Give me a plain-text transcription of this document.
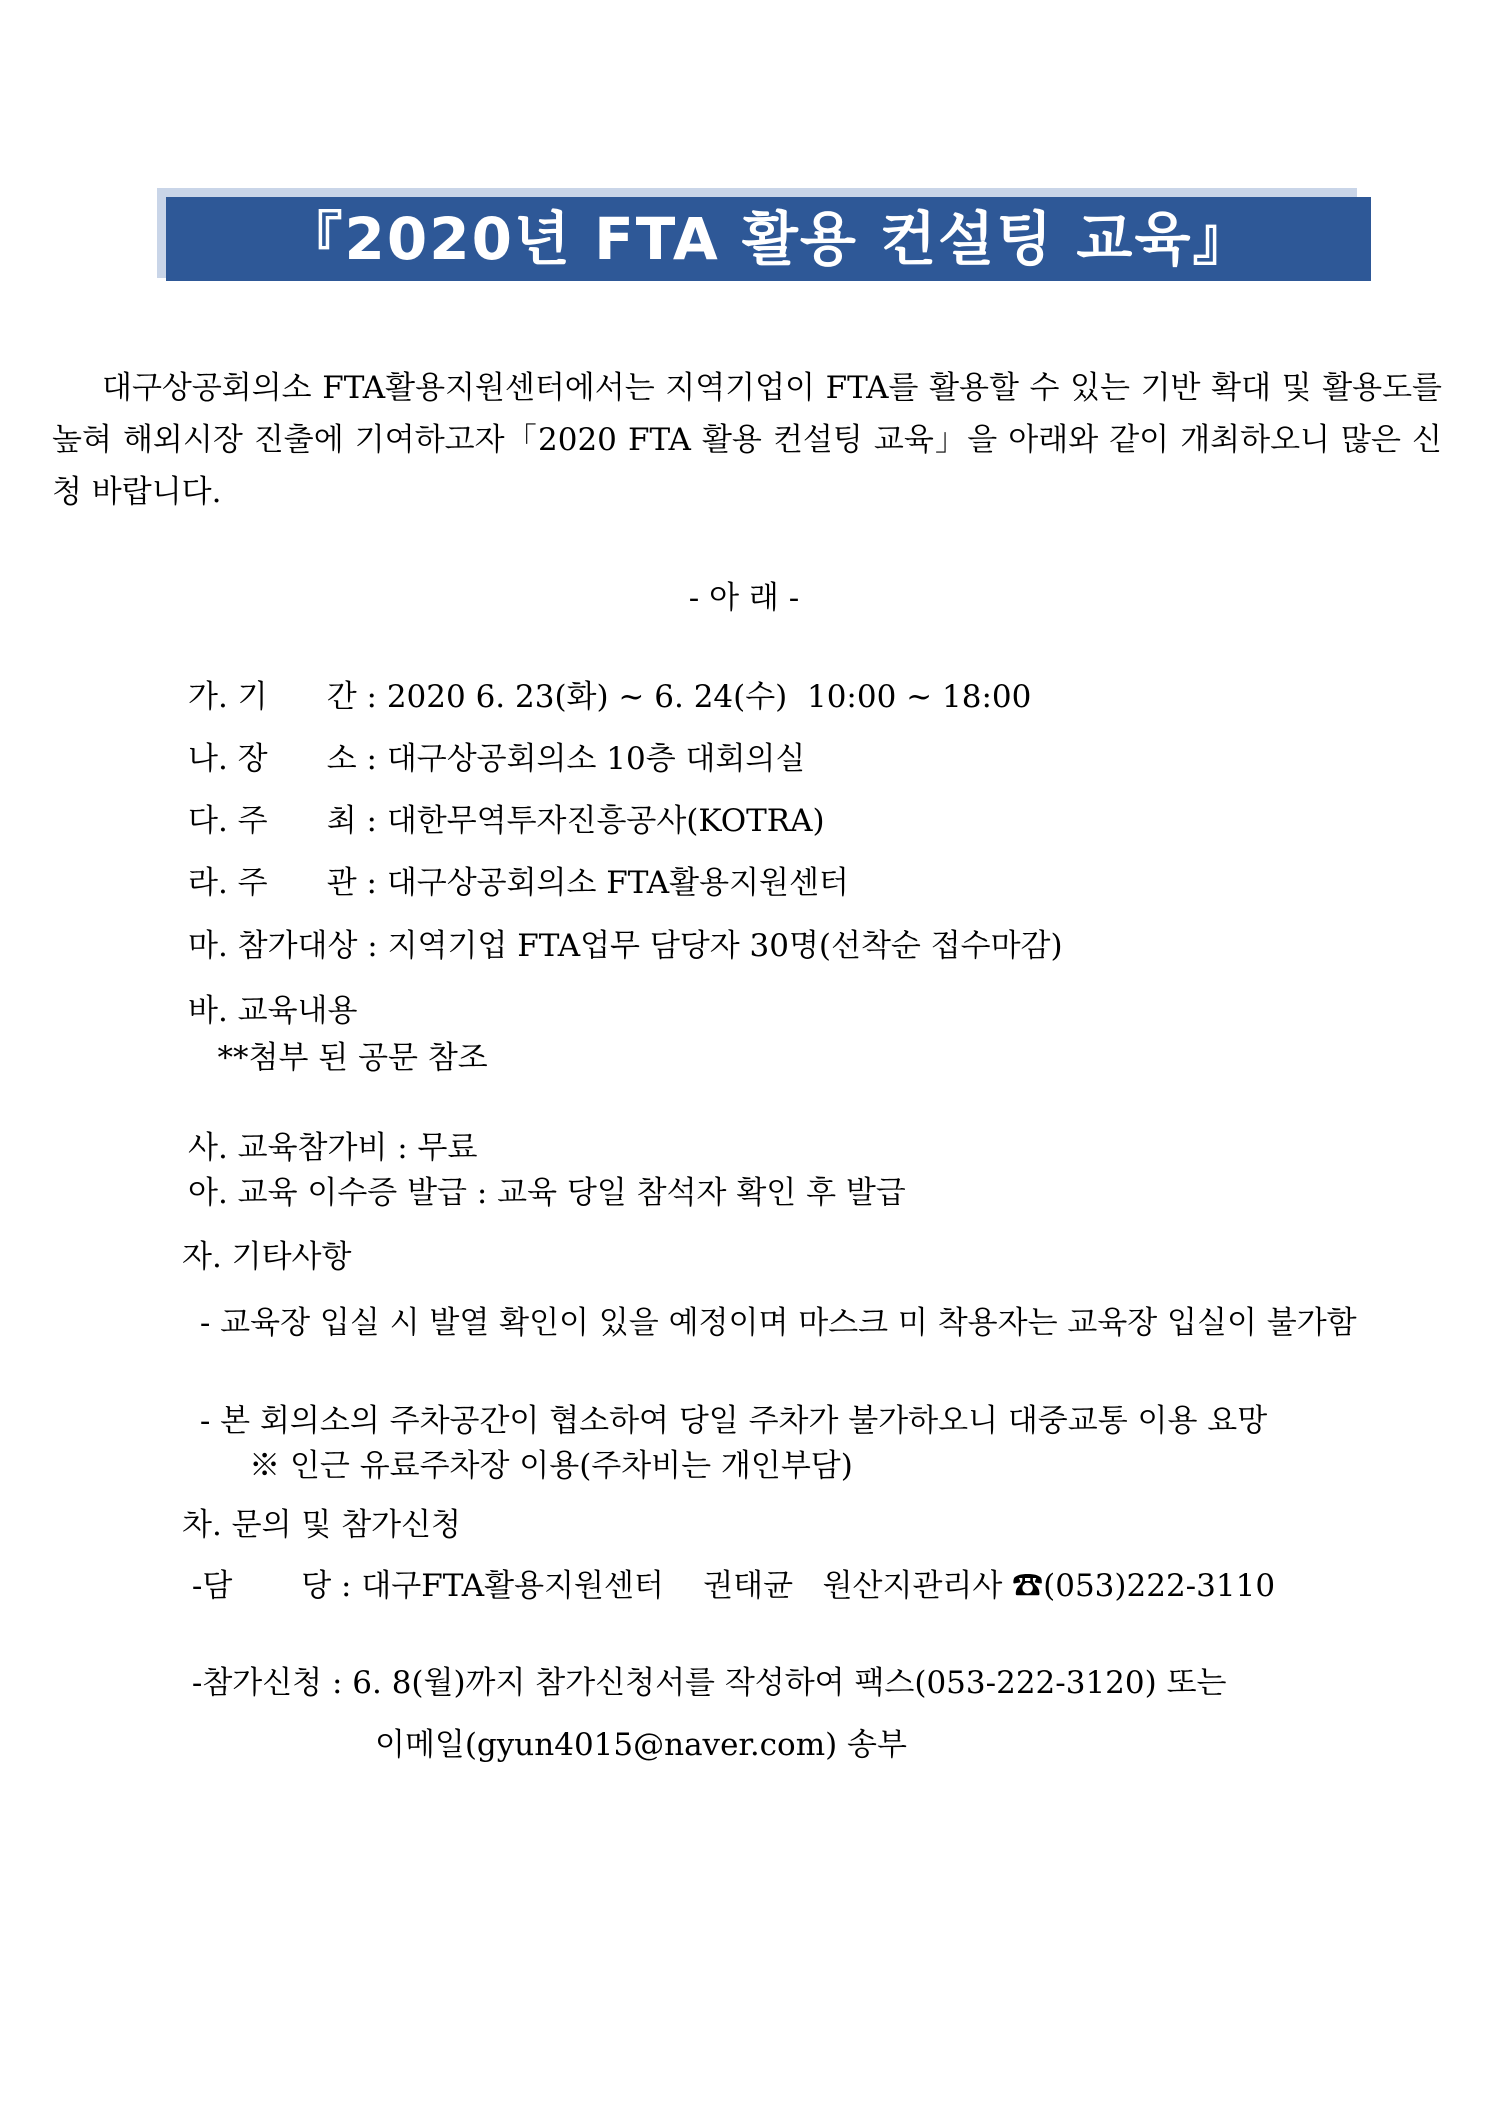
『2020년 FTA 활용 컨설팅 교육』
대구상공회의소 FTA활용지원센터에서는 지역기업이 FTA를 활용할 수 있는 기반 확대 및 활용도를 높혀 해외시장 진출에 기여하고자「2020 FTA 활용 컨설팅 교육」을 아래와 같이 개최하오니 많은 신청 바랍니다.
- 아 래 -
가. 기      간 : 2020 6. 23(화) ~ 6. 24(수)  10:00 ~ 18:00
나. 장      소 : 대구상공회의소 10층 대회의실
다. 주      최 : 대한무역투자진흥공사(KOTRA)
라. 주      관 : 대구상공회의소 FTA활용지원센터
마. 참가대상 : 지역기업 FTA업무 담당자 30명(선착순 접수마감)
바. 교육내용
**첨부 된 공문 참조
사. 교육참가비 : 무료
아. 교육 이수증 발급 : 교육 당일 참석자 확인 후 발급
자. 기타사항
- 교육장 입실 시 발열 확인이 있을 예정이며 마스크 미 착용자는 교육장 입실이 불가함
- 본 회의소의 주차공간이 협소하여 당일 주차가 불가하오니 대중교통 이용 요망
※ 인근 유료주차장 이용(주차비는 개인부담)
차. 문의 및 참가신청
-담       당 : 대구FTA활용지원센터    권태균   원산지관리사 ☎(053)222-3110
-참가신청 : 6. 8(월)까지 참가신청서를 작성하여 팩스(053-222-3120) 또는
이메일(gyun4015@naver.com) 송부
